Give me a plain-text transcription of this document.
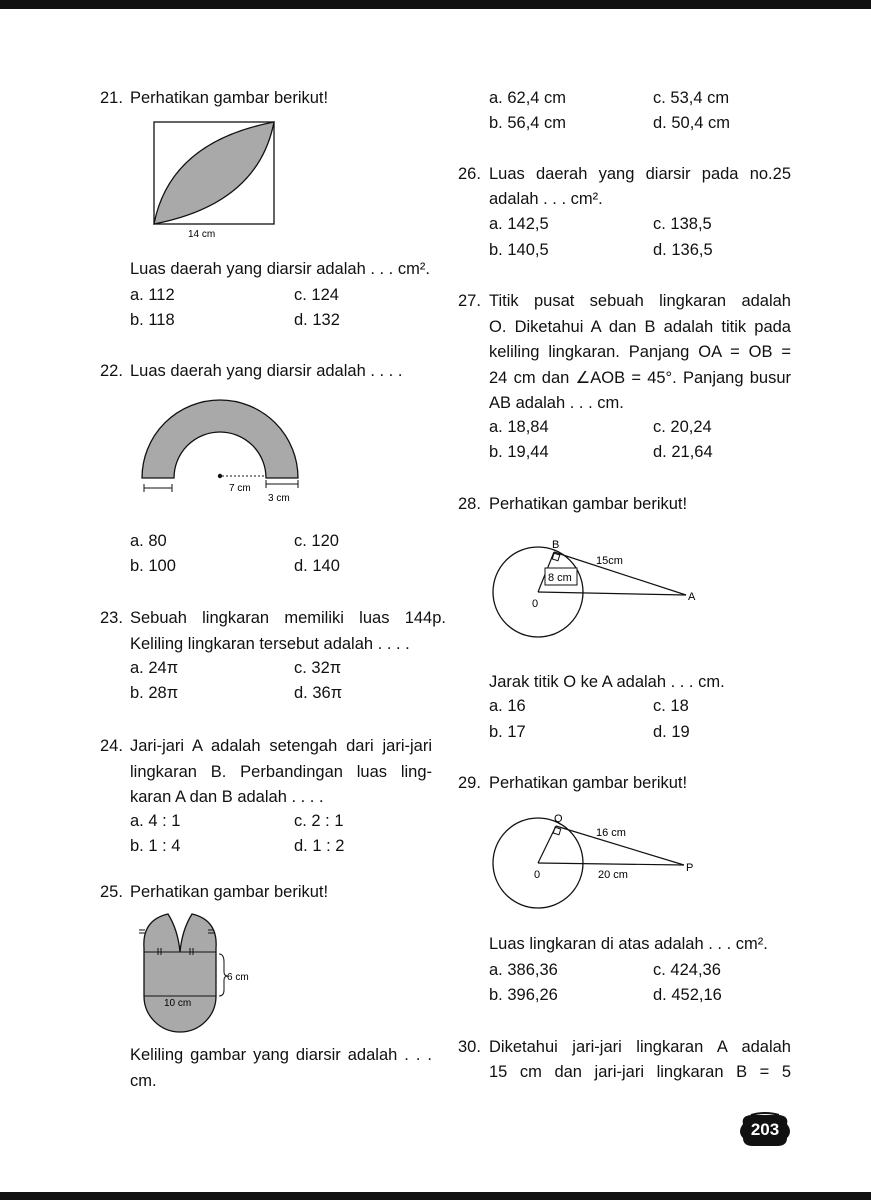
21. Perhatikan gambar berikut!
14 cm
Luas daerah yang diarsir adalah . . . cm².
a. 112
b. 118
c. 124
d. 132
22. Luas daerah yang diarsir adalah . . . .
7 cm
3 cm
a. 80
b. 100
c. 120
d. 140
23. Sebuah lingkaran memiliki luas 144p.
Keliling lingkaran tersebut adalah . . . .
a. 24π
b. 28π
c. 32π
d. 36π
24. Jari-jari A adalah setengah dari jari-jari
lingkaran B. Perbandingan luas ling-
karan A dan B adalah . . . .
a. 4 : 1
b. 1 : 4
c. 2 : 1
d. 1 : 2
25. Perhatikan gambar berikut!
6 cm
10 cm
Keliling gambar yang diarsir adalah . . .
cm.
a. 62,4 cm
b. 56,4 cm
c. 53,4 cm
d. 50,4 cm
26. Luas daerah yang diarsir pada no.25
adalah . . . cm².
a. 142,5
b. 140,5
c. 138,5
d. 136,5
27. Titik pusat sebuah lingkaran adalah
O. Diketahui A dan B adalah titik pada
keliling lingkaran. Panjang OA = OB =
24 cm dan ∠AOB = 45°. Panjang busur
AB adalah . . . cm.
a. 18,84
b. 19,44
c. 20,24
d. 21,64
28. Perhatikan gambar berikut!
B
0
A
15cm
8 cm
Jarak titik O ke A adalah . . . cm.
a. 16
b. 17
c. 18
d. 19
29. Perhatikan gambar berikut!
Q
0
P
16 cm
20 cm
Luas lingkaran di atas adalah . . . cm².
a. 386,36
b. 396,26
c. 424,36
d. 452,16
30. Diketahui jari-jari lingkaran A adalah
15 cm dan jari-jari lingkaran B = 5
203
